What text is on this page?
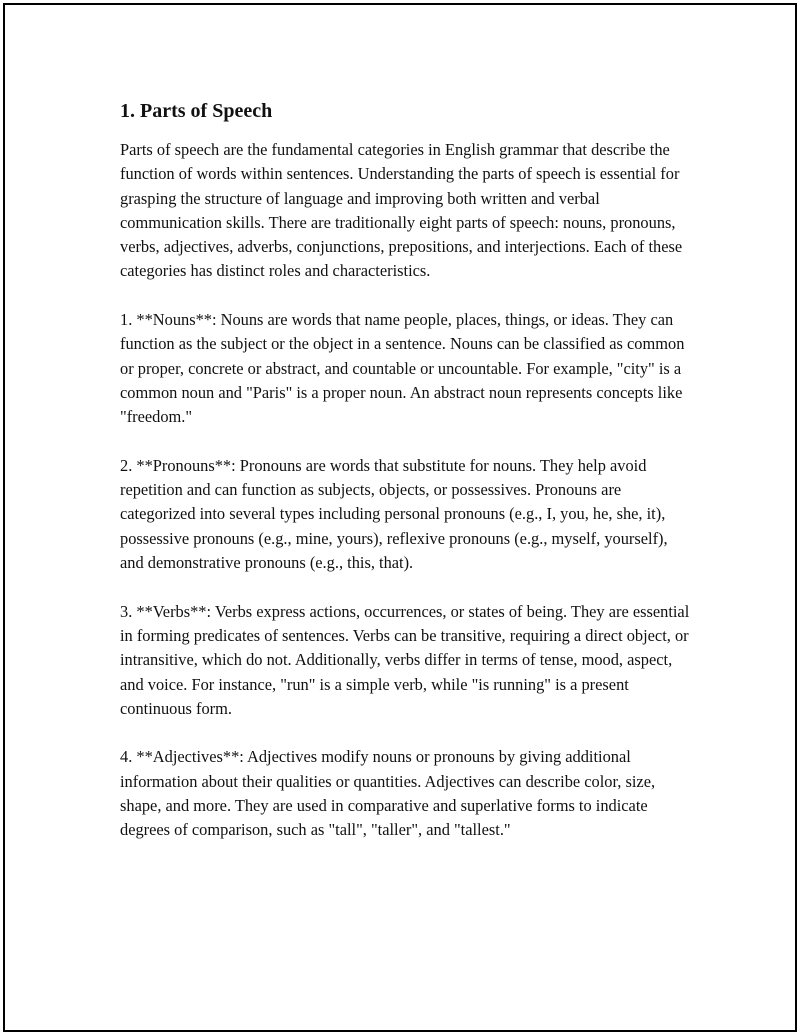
1. Parts of Speech

Parts of speech are the fundamental categories in English grammar that describe the function of words within sentences. Understanding the parts of speech is essential for grasping the structure of language and improving both written and verbal communication skills. There are traditionally eight parts of speech: nouns, pronouns, verbs, adjectives, adverbs, conjunctions, prepositions, and interjections. Each of these categories has distinct roles and characteristics.

1. **Nouns**: Nouns are words that name people, places, things, or ideas. They can function as the subject or the object in a sentence. Nouns can be classified as common or proper, concrete or abstract, and countable or uncountable. For example, "city" is a common noun and "Paris" is a proper noun. An abstract noun represents concepts like "freedom."

2. **Pronouns**: Pronouns are words that substitute for nouns. They help avoid repetition and can function as subjects, objects, or possessives. Pronouns are categorized into several types including personal pronouns (e.g., I, you, he, she, it), possessive pronouns (e.g., mine, yours), reflexive pronouns (e.g., myself, yourself), and demonstrative pronouns (e.g., this, that).

3. **Verbs**: Verbs express actions, occurrences, or states of being. They are essential in forming predicates of sentences. Verbs can be transitive, requiring a direct object, or intransitive, which do not. Additionally, verbs differ in terms of tense, mood, aspect, and voice. For instance, "run" is a simple verb, while "is running" is a present continuous form.

4. **Adjectives**: Adjectives modify nouns or pronouns by giving additional information about their qualities or quantities. Adjectives can describe color, size, shape, and more. They are used in comparative and superlative forms to indicate degrees of comparison, such as "tall", "taller", and "tallest."
